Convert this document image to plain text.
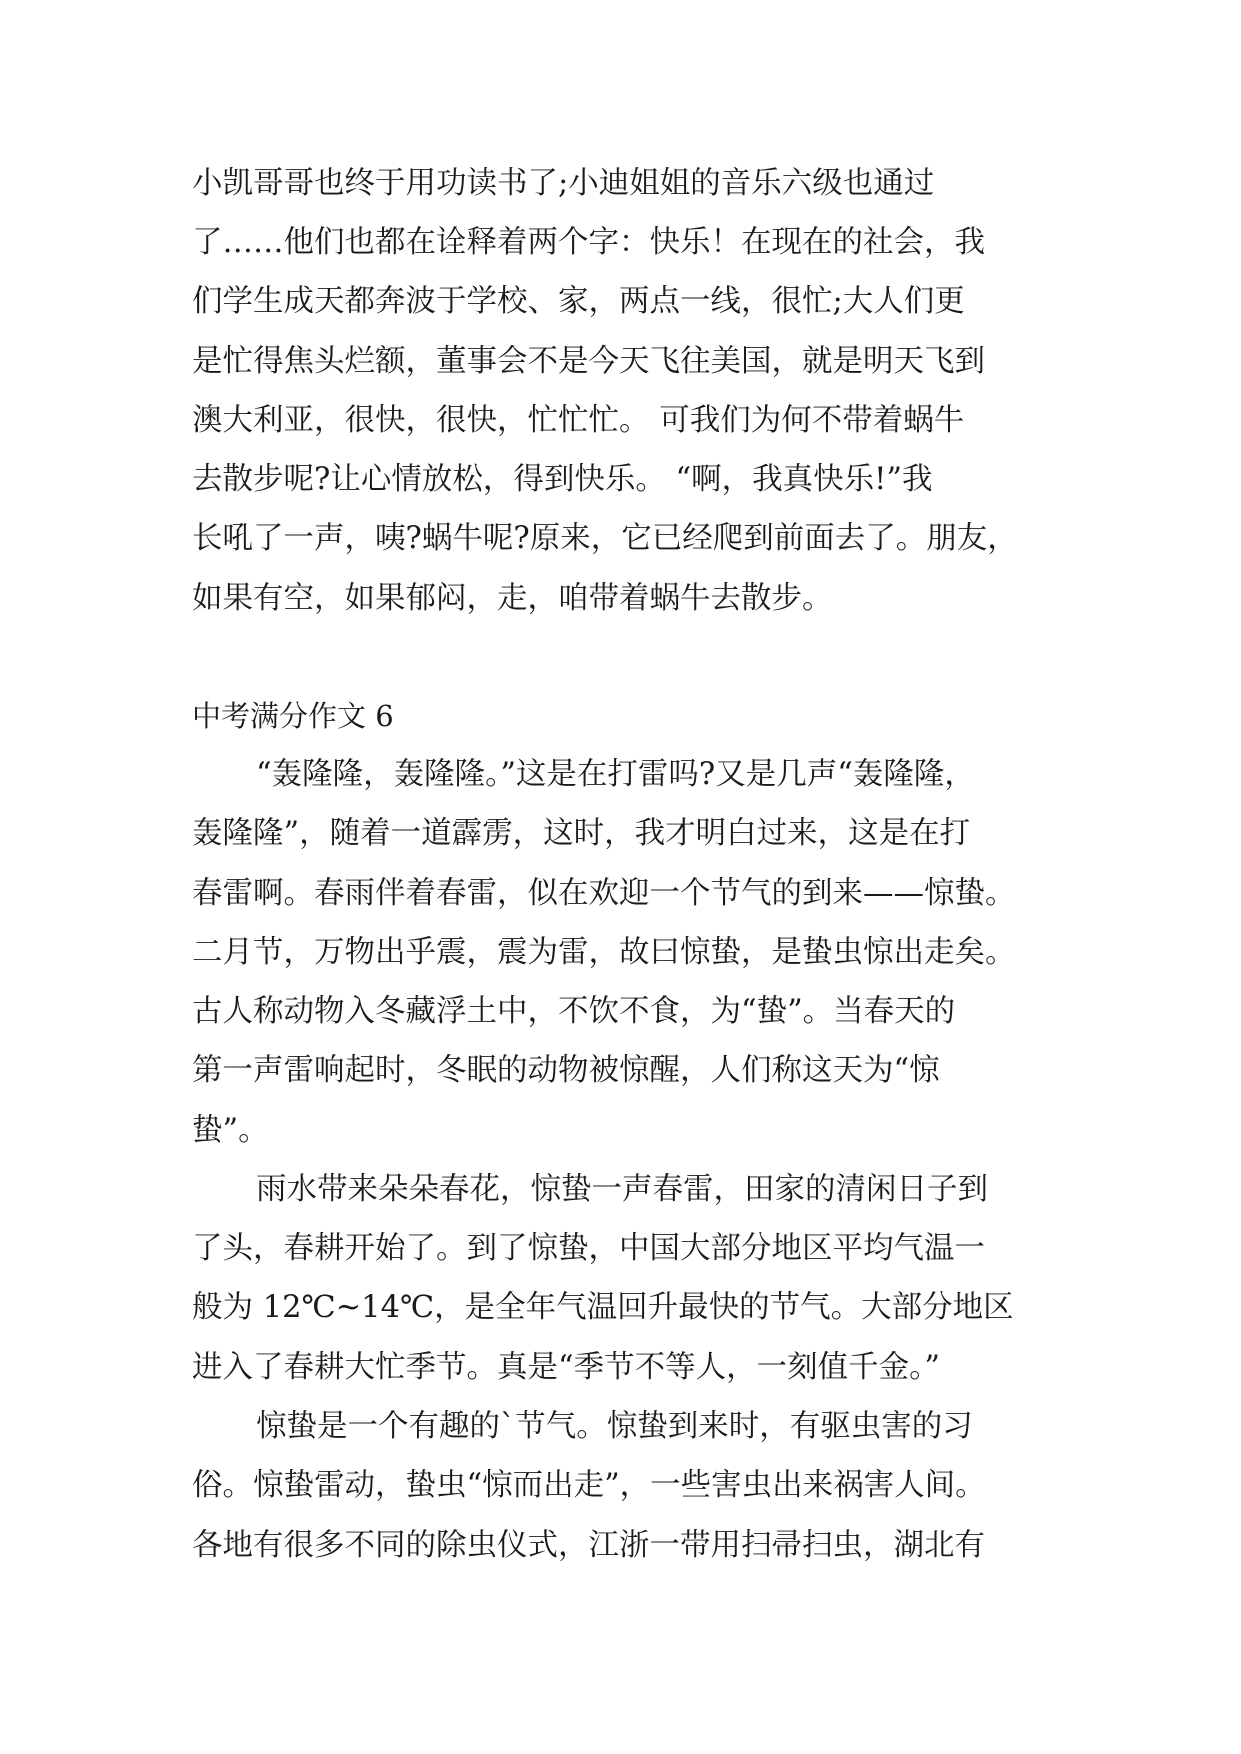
小凯哥哥也终于用功读书了;小迪姐姐的音乐六级也通过

了……他们也都在诠释着两个字：快乐！在现在的社会，我

们学生成天都奔波于学校、家，两点一线，很忙;大人们更

是忙得焦头烂额，董事会不是今天飞往美国，就是明天飞到

澳大利亚，很快，很快，忙忙忙。 可我们为何不带着蜗牛

去散步呢?让心情放松，得到快乐。 “啊，我真快乐!”我

长吼了一声，咦?蜗牛呢?原来，它已经爬到前面去了。朋友，

如果有空，如果郁闷，走，咱带着蜗牛去散步。

中考满分作文 6

“轰隆隆，轰隆隆。”这是在打雷吗?又是几声“轰隆隆，

轰隆隆”，随着一道霹雳，这时，我才明白过来，这是在打

春雷啊。春雨伴着春雷，似在欢迎一个节气的到来——惊蛰。

二月节，万物出乎震，震为雷，故曰惊蛰，是蛰虫惊出走矣。

古人称动物入冬藏浮土中，不饮不食，为“蛰”。当春天的

第一声雷响起时，冬眠的动物被惊醒，人们称这天为“惊

蛰”。

雨水带来朵朵春花，惊蛰一声春雷，田家的清闲日子到

了头，春耕开始了。到了惊蛰，中国大部分地区平均气温一

般为 12℃~14℃，是全年气温回升最快的节气。大部分地区

进入了春耕大忙季节。真是“季节不等人，一刻值千金。”

惊蛰是一个有趣的`节气。惊蛰到来时，有驱虫害的习

俗。惊蛰雷动，蛰虫“惊而出走”，一些害虫出来祸害人间。

各地有很多不同的除虫仪式，江浙一带用扫帚扫虫，湖北有
